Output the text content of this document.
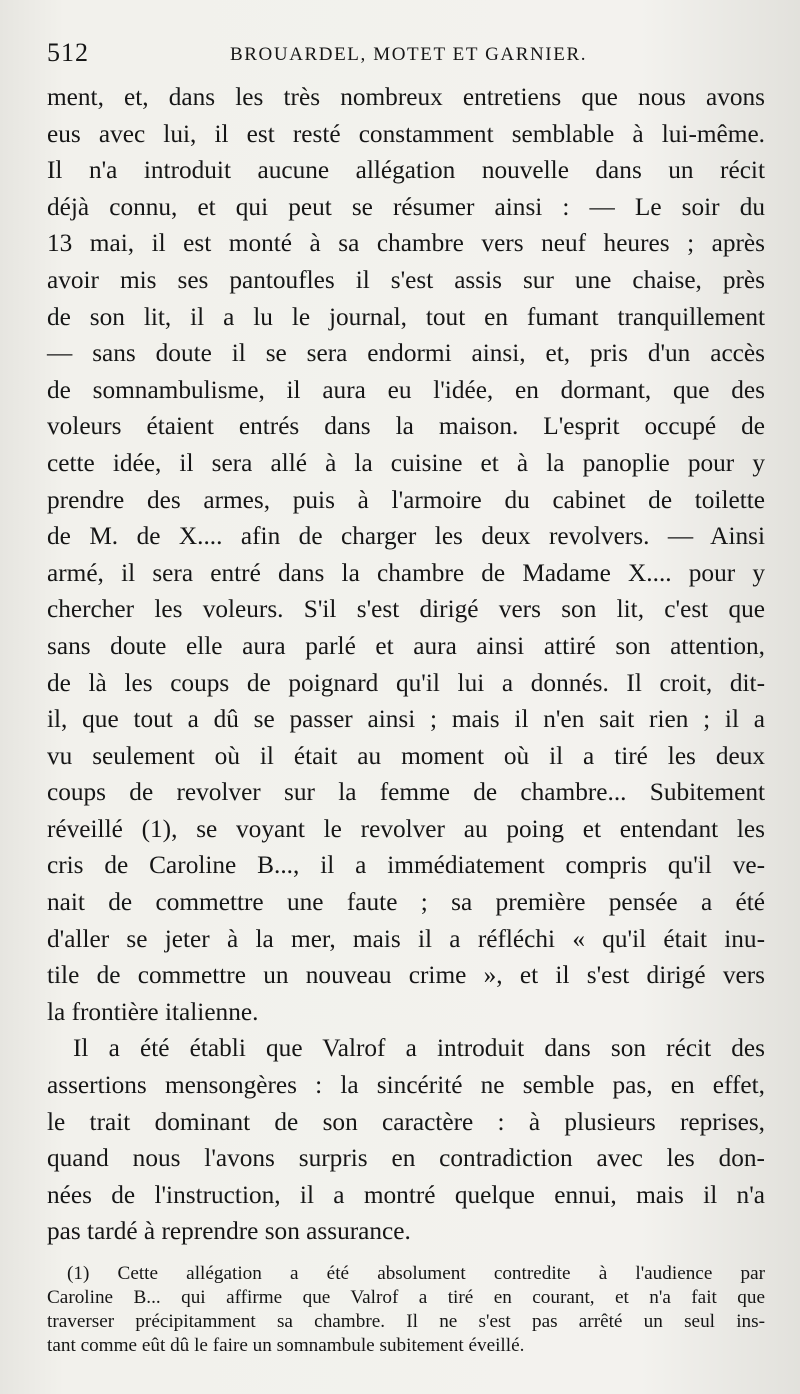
512	BROUARDEL, MOTET ET GARNIER.
ment, et, dans les très nombreux entretiens que nous avons
eus avec lui, il est resté constamment semblable à lui-même.
Il n'a introduit aucune allégation nouvelle dans un récit
déjà connu, et qui peut se résumer ainsi : — Le soir du
13 mai, il est monté à sa chambre vers neuf heures ; après
avoir mis ses pantoufles il s'est assis sur une chaise, près
de son lit, il a lu le journal, tout en fumant tranquillement
— sans doute il se sera endormi ainsi, et, pris d'un accès
de somnambulisme, il aura eu l'idée, en dormant, que des
voleurs étaient entrés dans la maison. L'esprit occupé de
cette idée, il sera allé à la cuisine et à la panoplie pour y
prendre des armes, puis à l'armoire du cabinet de toilette
de M. de X.... afin de charger les deux revolvers. — Ainsi
armé, il sera entré dans la chambre de Madame X.... pour y
chercher les voleurs. S'il s'est dirigé vers son lit, c'est que
sans doute elle aura parlé et aura ainsi attiré son attention,
de là les coups de poignard qu'il lui a donnés. Il croit, dit-
il, que tout a dû se passer ainsi ; mais il n'en sait rien ; il a
vu seulement où il était au moment où il a tiré les deux
coups de revolver sur la femme de chambre... Subitement
réveillé (1), se voyant le revolver au poing et entendant les
cris de Caroline B..., il a immédiatement compris qu'il ve-
nait de commettre une faute ; sa première pensée a été
d'aller se jeter à la mer, mais il a réfléchi « qu'il était inu-
tile de commettre un nouveau crime », et il s'est dirigé vers
la frontière italienne.
Il a été établi que Valrof a introduit dans son récit des
assertions mensongères : la sincérité ne semble pas, en effet,
le trait dominant de son caractère : à plusieurs reprises,
quand nous l'avons surpris en contradiction avec les don-
nées de l'instruction, il a montré quelque ennui, mais il n'a
pas tardé à reprendre son assurance.
(1) Cette allégation a été absolument contredite à l'audience par
Caroline B... qui affirme que Valrof a tiré en courant, et n'a fait que
traverser précipitamment sa chambre. Il ne s'est pas arrêté un seul ins-
tant comme eût dû le faire un somnambule subitement éveillé.
